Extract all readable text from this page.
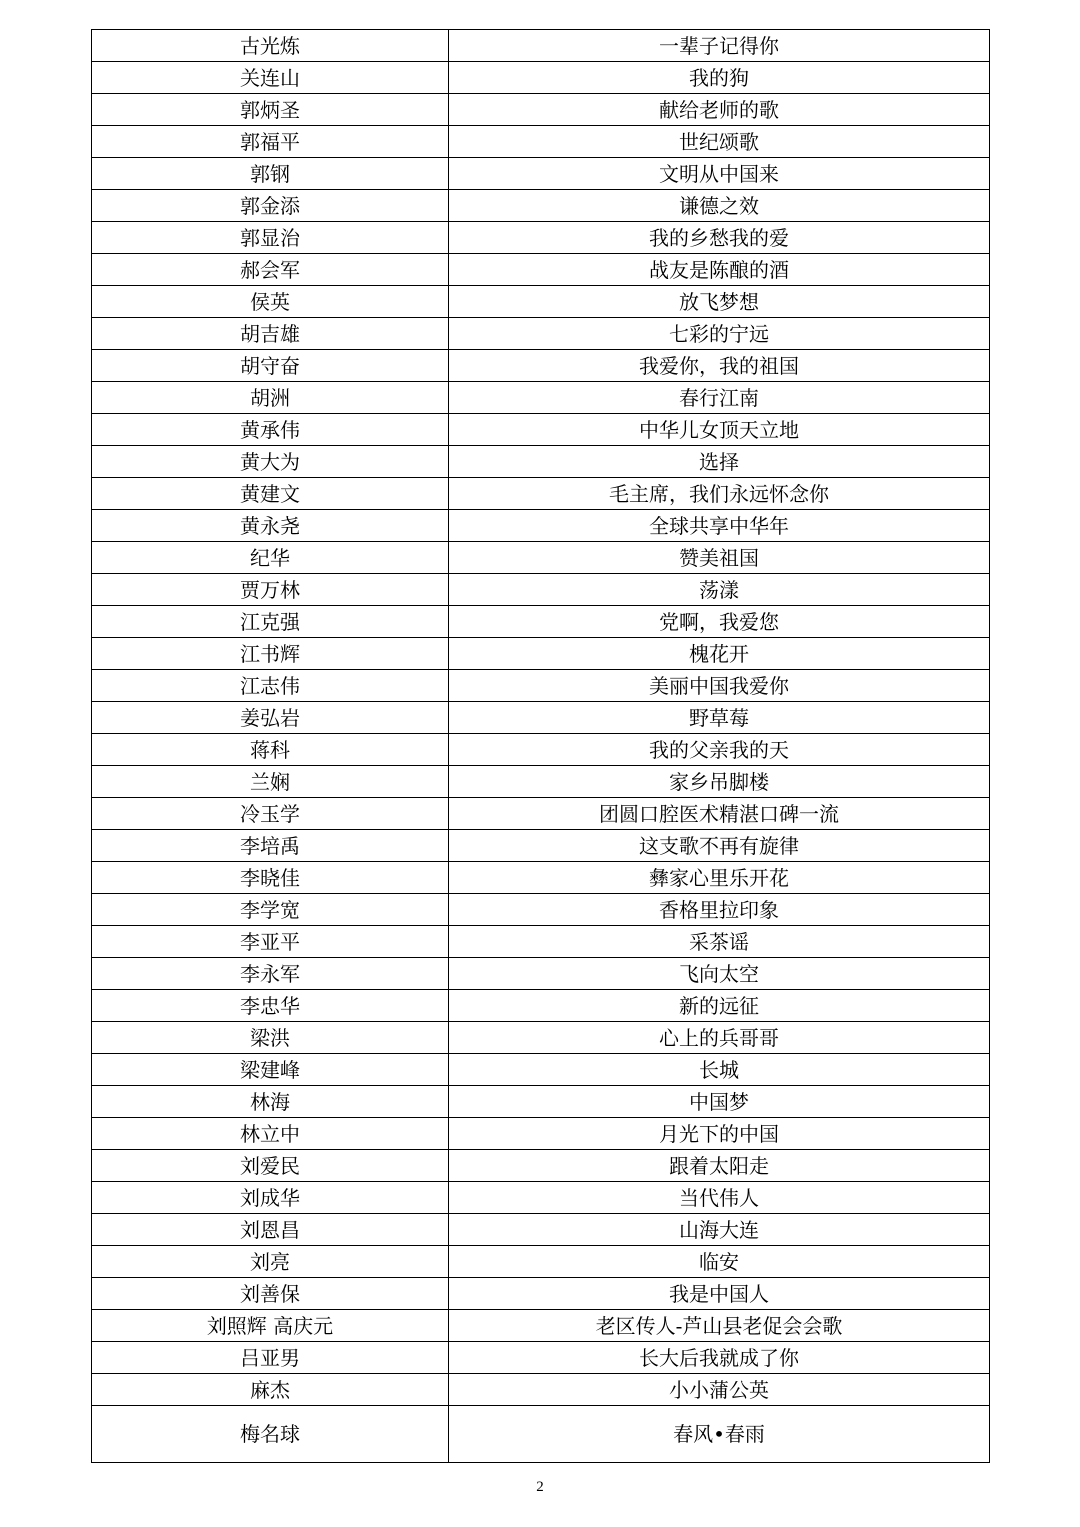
古光炼	一辈子记得你
关连山	我的狗
郭炳圣	献给老师的歌
郭福平	世纪颂歌
郭钢	文明从中国来
郭金添	谦德之效
郭显治	我的乡愁我的爱
郝会军	战友是陈酿的酒
侯英	放飞梦想
胡吉雄	七彩的宁远
胡守奋	我爱你，我的祖国
胡洲	春行江南
黄承伟	中华儿女顶天立地
黄大为	选择
黄建文	毛主席，我们永远怀念你
黄永尧	全球共享中华年
纪华	赞美祖国
贾万林	荡漾
江克强	党啊，我爱您
江书辉	槐花开
江志伟	美丽中国我爱你
姜弘岩	野草莓
蒋科	我的父亲我的天
兰娴	家乡吊脚楼
冷玉学	团圆口腔医术精湛口碑一流
李培禹	这支歌不再有旋律
李晓佳	彝家心里乐开花
李学宽	香格里拉印象
李亚平	采茶谣
李永军	飞向太空
李忠华	新的远征
梁洪	心上的兵哥哥
梁建峰	长城
林海	中国梦
林立中	月光下的中国
刘爱民	跟着太阳走
刘成华	当代伟人
刘恩昌	山海大连
刘亮	临安
刘善保	我是中国人
刘照辉 高庆元	老区传人-芦山县老促会会歌
吕亚男	长大后我就成了你
麻杰	小小蒲公英
梅名球	春风•春雨
2
